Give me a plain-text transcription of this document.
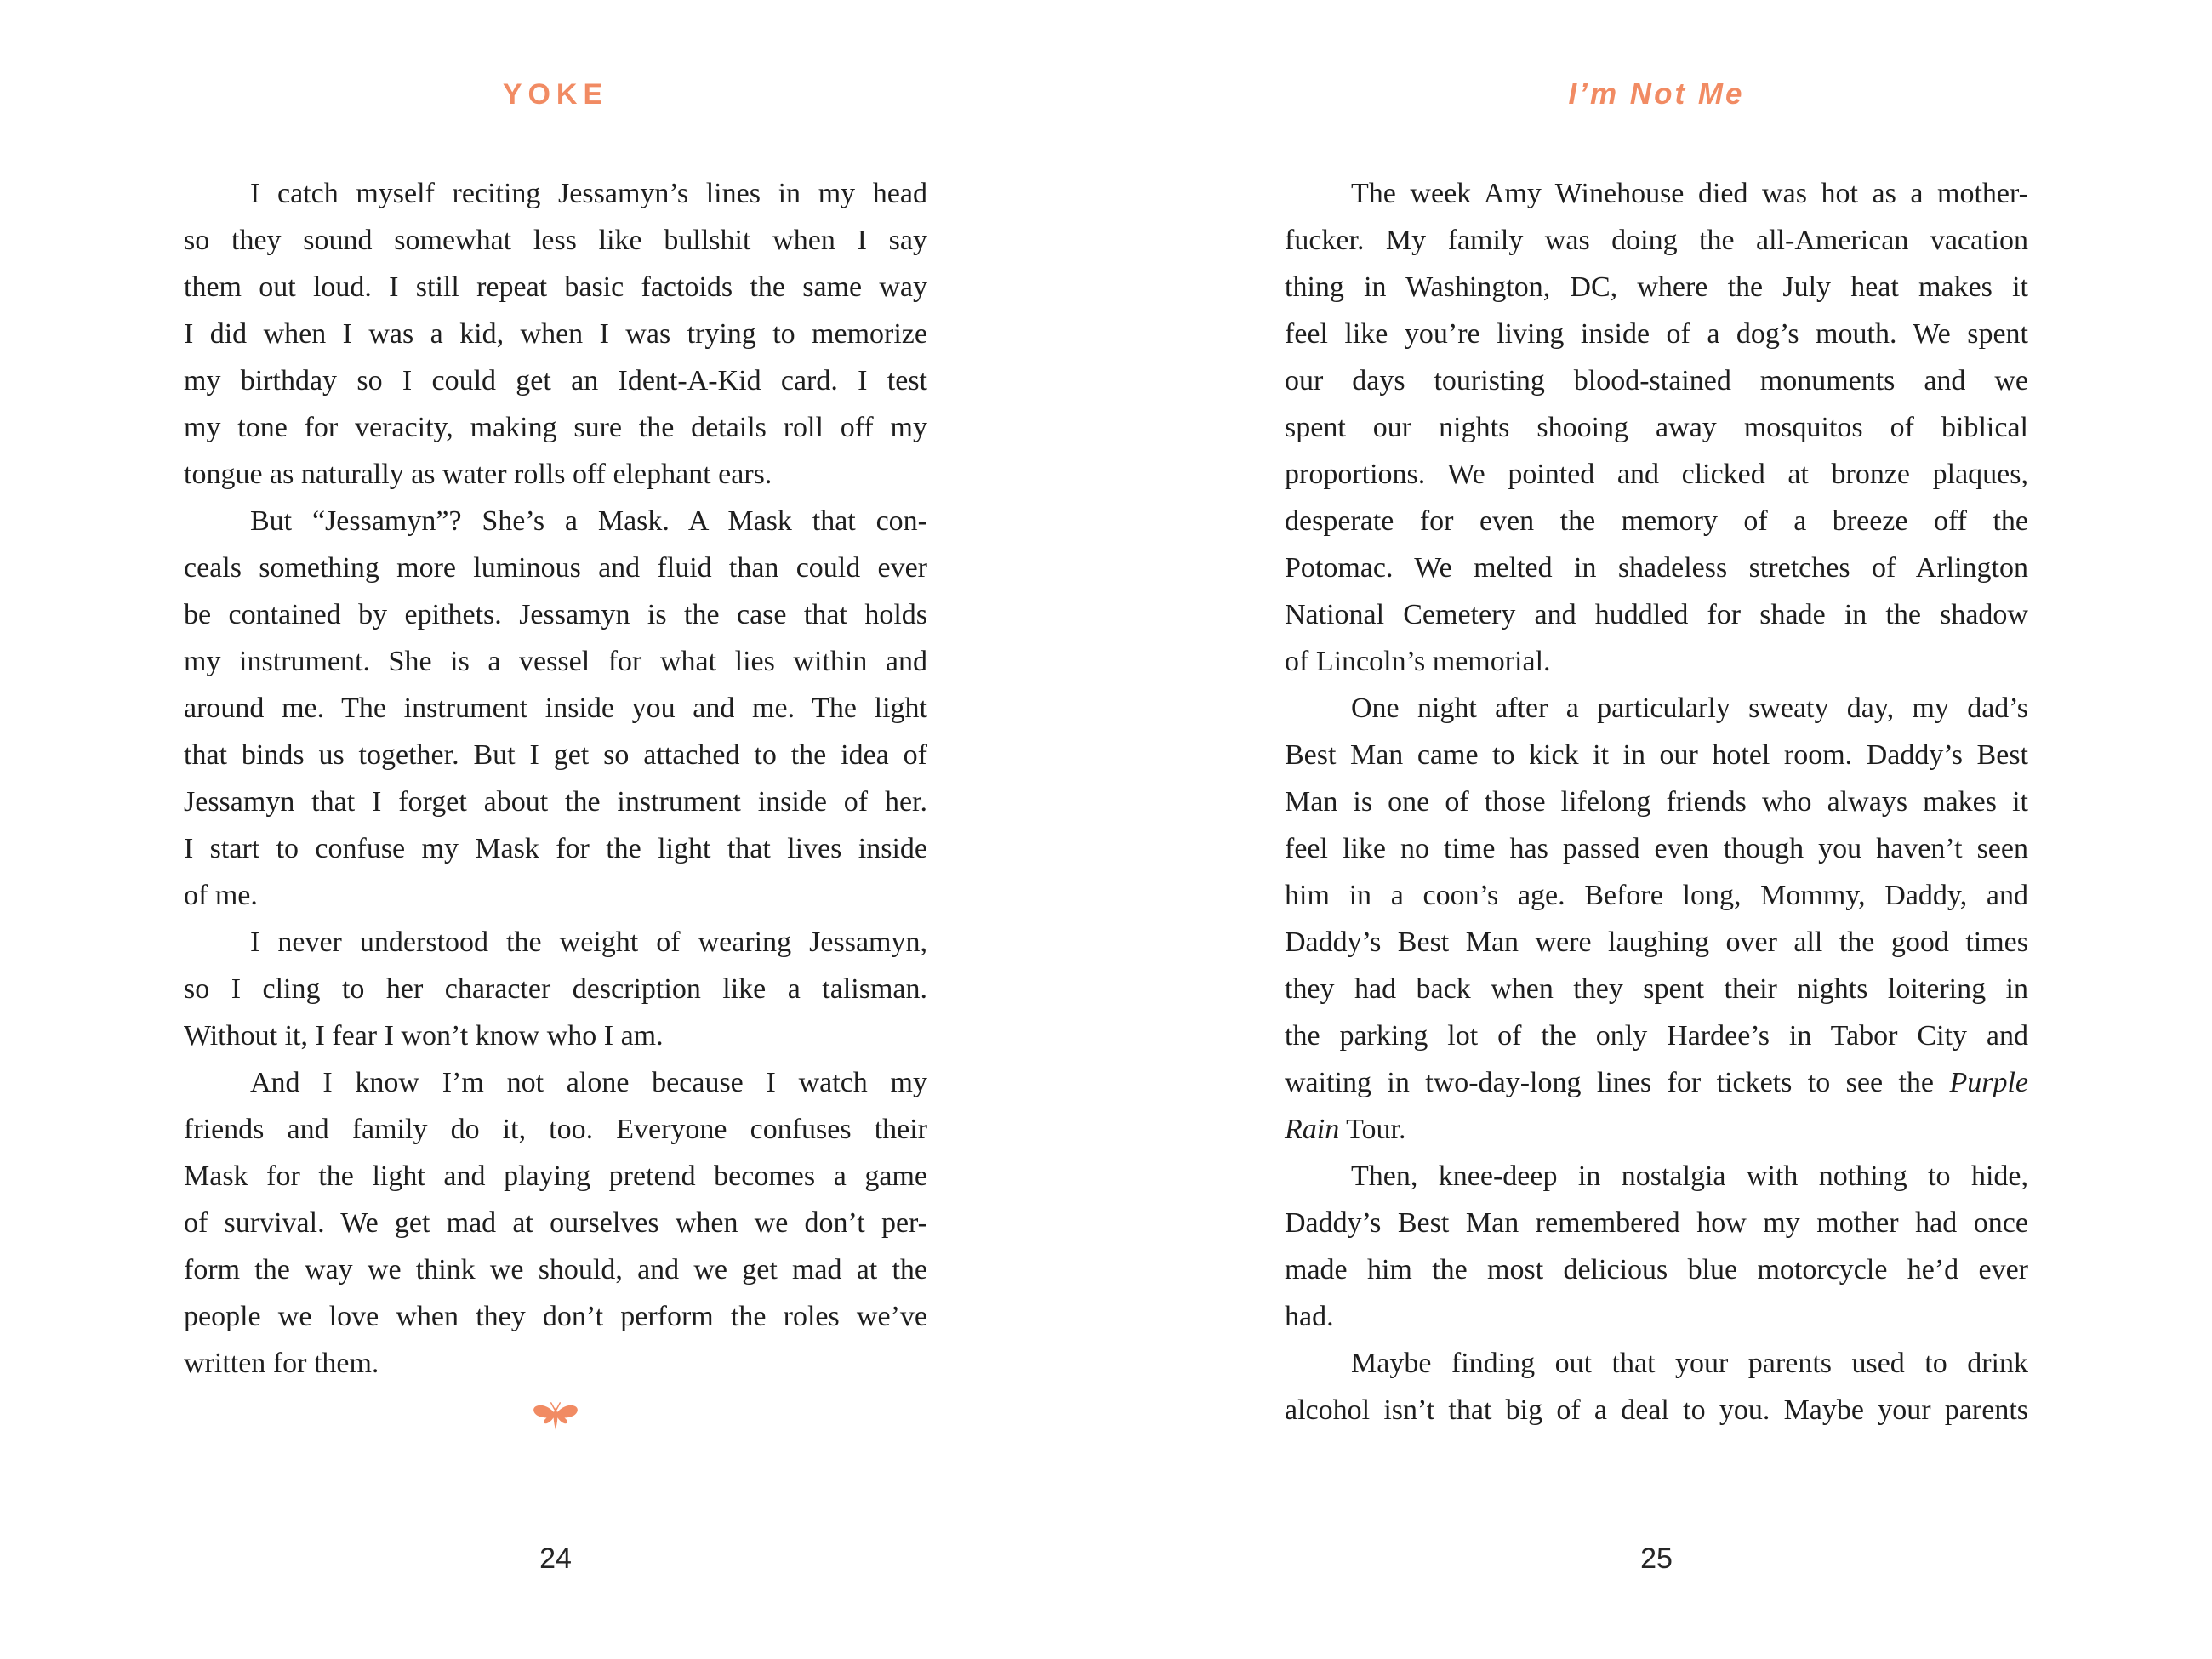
YOKE	I’m Not Me
I catch myself reciting Jessamyn’s lines in my head
so they sound somewhat less like bullshit when I say
them out loud. I still repeat basic factoids the same way
I did when I was a kid, when I was trying to memorize
my birthday so I could get an Ident-A-Kid card. I test
my tone for veracity, making sure the details roll off my
tongue as naturally as water rolls off elephant ears.
But “Jessamyn”? She’s a Mask. A Mask that con-
ceals something more luminous and fluid than could ever
be contained by epithets. Jessamyn is the case that holds
my instrument. She is a vessel for what lies within and
around me. The instrument inside you and me. The light
that binds us together. But I get so attached to the idea of
Jessamyn that I forget about the instrument inside of her.
I start to confuse my Mask for the light that lives inside
of me.
I never understood the weight of wearing Jessamyn,
so I cling to her character description like a talisman.
Without it, I fear I won’t know who I am.
And I know I’m not alone because I watch my
friends and family do it, too. Everyone confuses their
Mask for the light and playing pretend becomes a game
of survival. We get mad at ourselves when we don’t per-
form the way we think we should, and we get mad at the
people we love when they don’t perform the roles we’ve
written for them.
The week Amy Winehouse died was hot as a mother-
fucker. My family was doing the all-American vacation
thing in Washington, DC, where the July heat makes it
feel like you’re living inside of a dog’s mouth. We spent
our days touristing blood-stained monuments and we
spent our nights shooing away mosquitos of biblical
proportions. We pointed and clicked at bronze plaques,
desperate for even the memory of a breeze off the
Potomac. We melted in shadeless stretches of Arlington
National Cemetery and huddled for shade in the shadow
of Lincoln’s memorial.
One night after a particularly sweaty day, my dad’s
Best Man came to kick it in our hotel room. Daddy’s Best
Man is one of those lifelong friends who always makes it
feel like no time has passed even though you haven’t seen
him in a coon’s age. Before long, Mommy, Daddy, and
Daddy’s Best Man were laughing over all the good times
they had back when they spent their nights loitering in
the parking lot of the only Hardee’s in Tabor City and
waiting in two-day-long lines for tickets to see the Purple
Rain Tour.
Then, knee-deep in nostalgia with nothing to hide,
Daddy’s Best Man remembered how my mother had once
made him the most delicious blue motorcycle he’d ever
had.
Maybe finding out that your parents used to drink
alcohol isn’t that big of a deal to you. Maybe your parents
24	25
